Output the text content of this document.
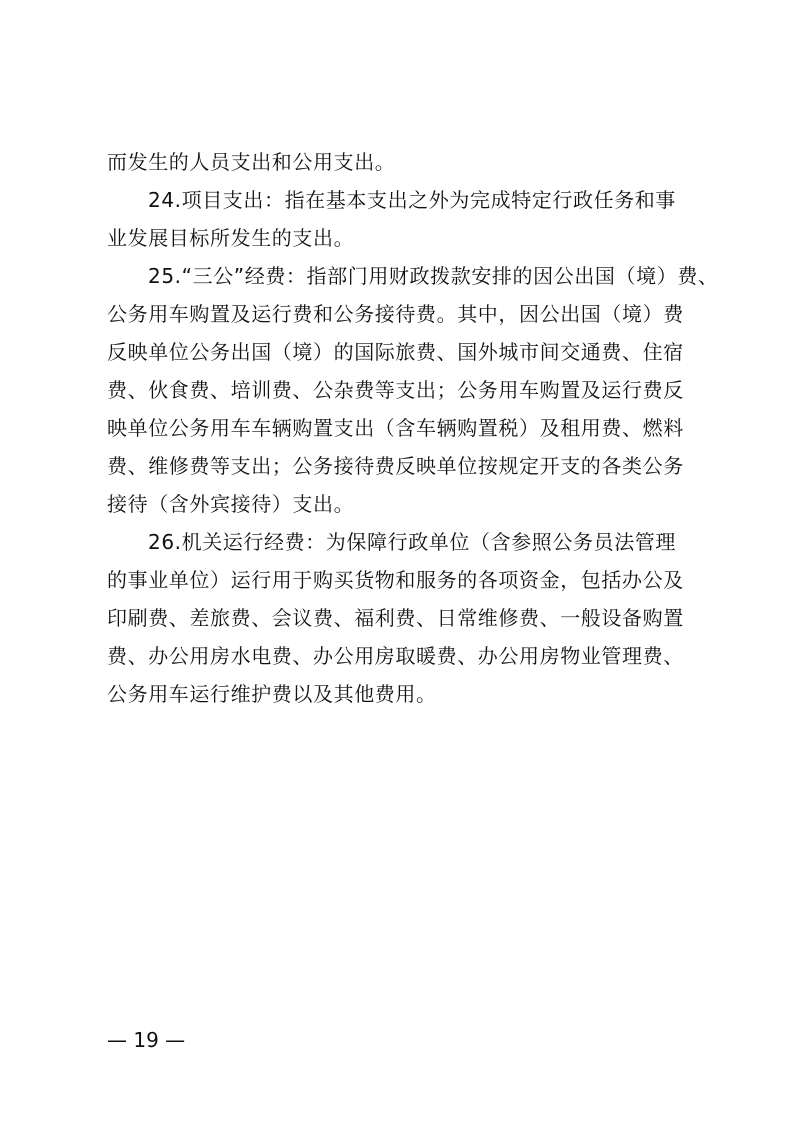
而发生的人员支出和公用支出。
24.项目支出：指在基本支出之外为完成特定行政任务和事
业发展目标所发生的支出。
25.“三公”经费：指部门用财政拨款安排的因公出国（境）费、
公务用车购置及运行费和公务接待费。其中，因公出国（境）费
反映单位公务出国（境）的国际旅费、国外城市间交通费、住宿
费、伙食费、培训费、公杂费等支出；公务用车购置及运行费反
映单位公务用车车辆购置支出（含车辆购置税）及租用费、燃料
费、维修费等支出；公务接待费反映单位按规定开支的各类公务
接待（含外宾接待）支出。
26.机关运行经费：为保障行政单位（含参照公务员法管理
的事业单位）运行用于购买货物和服务的各项资金，包括办公及
印刷费、差旅费、会议费、福利费、日常维修费、一般设备购置
费、办公用房水电费、办公用房取暖费、办公用房物业管理费、
公务用车运行维护费以及其他费用。
— 19 —
